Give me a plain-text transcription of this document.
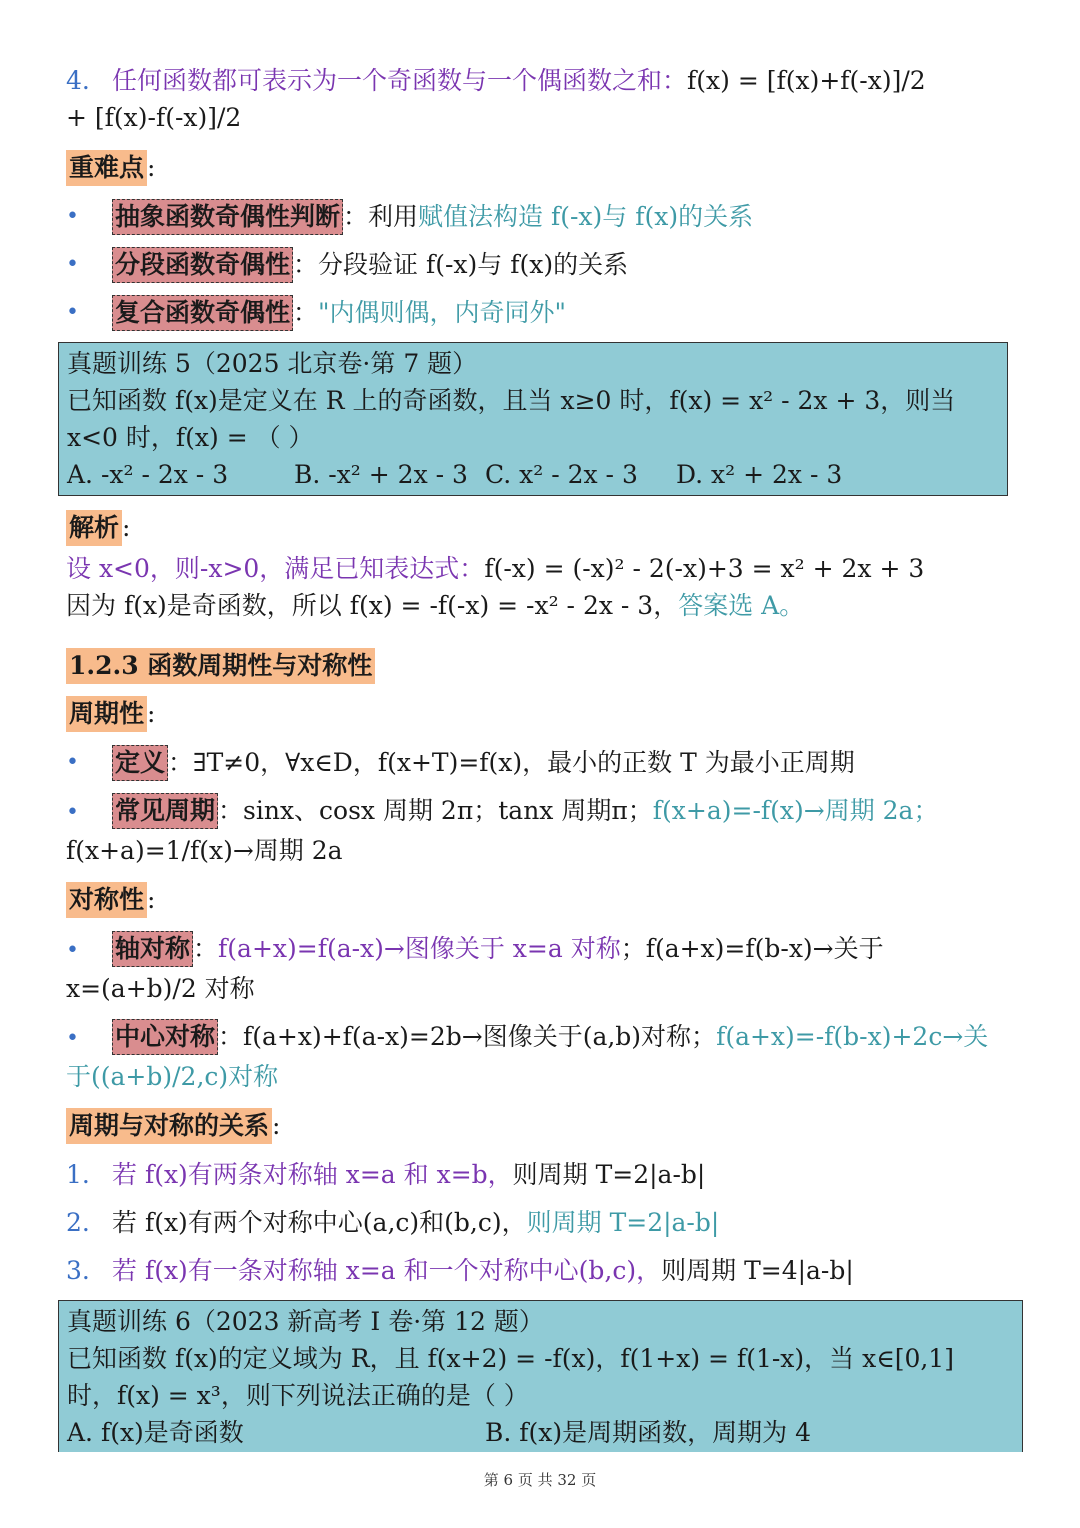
4. 任何函数都可表示为一个奇函数与一个偶函数之和：f(x) = [f(x)+f(-x)]/2
+ [f(x)-f(-x)]/2
重难点 :
• 抽象函数奇偶性判断 ：利用赋值法构造 f(-x)与 f(x)的关系
• 分段函数奇偶性 ：分段验证 f(-x)与 f(x)的关系
• 复合函数奇偶性 ："内偶则偶，内奇同外"
真题训练 5（2025 北京卷·第 7 题）
已知函数 f(x)是定义在 R 上的奇函数，且当 x≥0 时，f(x) = x² - 2x + 3，则当
x<0 时，f(x) = （ ）
A. -x² - 2x - 3	B. -x² + 2x - 3 C. x² - 2x - 3	D. x² + 2x - 3
解析 :
设 x<0，则-x>0，满足已知表达式：f(-x) = (-x)² - 2(-x)+3 = x² + 2x + 3
因为 f(x)是奇函数，所以 f(x) = -f(-x) = -x² - 2x - 3，答案选 A。
1.2.3 函数周期性与对称性
周期性 :
• 定义 ：∃T≠0，∀x∈D，f(x+T)=f(x)，最小的正数 T 为最小正周期
• 常见周期 ：sinx、cosx 周期 2π；tanx 周期π；f(x+a)=-f(x)→周期 2a；
f(x+a)=1/f(x)→周期 2a
对称性 :
• 轴对称 ：f(a+x)=f(a-x)→图像关于 x=a 对称；f(a+x)=f(b-x)→关于
x=(a+b)/2 对称
• 中心对称 ：f(a+x)+f(a-x)=2b→图像关于(a,b)对称；f(a+x)=-f(b-x)+2c→关
于((a+b)/2,c)对称
周期与对称的关系 :
1. 若 f(x)有两条对称轴 x=a 和 x=b，则周期 T=2|a-b|
2. 若 f(x)有两个对称中心(a,c)和(b,c)，则周期 T=2|a-b|
3. 若 f(x)有一条对称轴 x=a 和一个对称中心(b,c)，则周期 T=4|a-b|
真题训练 6（2023 新高考 I 卷·第 12 题）
已知函数 f(x)的定义域为 R，且 f(x+2) = -f(x)，f(1+x) = f(1-x)，当 x∈[0,1]
时，f(x) = x³，则下列说法正确的是（ ）
A. f(x)是奇函数	B. f(x)是周期函数，周期为 4
第 6 页 共 32 页
